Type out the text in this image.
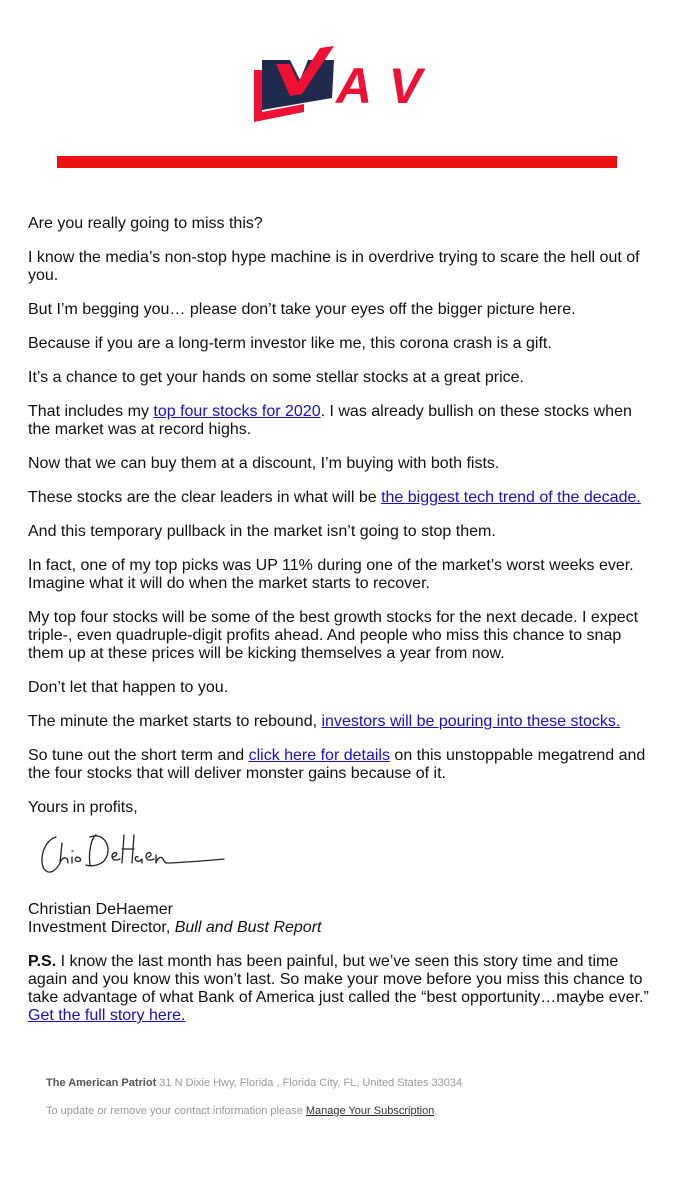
AV

Are you really going to miss this?

I know the media’s non-stop hype machine is in overdrive trying to scare the hell out of you.

But I’m begging you… please don’t take your eyes off the bigger picture here.

Because if you are a long-term investor like me, this corona crash is a gift.

It’s a chance to get your hands on some stellar stocks at a great price.

That includes my top four stocks for 2020. I was already bullish on these stocks when the market was at record highs.

Now that we can buy them at a discount, I’m buying with both fists.

These stocks are the clear leaders in what will be the biggest tech trend of the decade.

And this temporary pullback in the market isn’t going to stop them.

In fact, one of my top picks was UP 11% during one of the market’s worst weeks ever. Imagine what it will do when the market starts to recover.

My top four stocks will be some of the best growth stocks for the next decade. I expect triple-, even quadruple-digit profits ahead. And people who miss this chance to snap them up at these prices will be kicking themselves a year from now.

Don’t let that happen to you.

The minute the market starts to rebound, investors will be pouring into these stocks.

So tune out the short term and click here for details on this unstoppable megatrend and the four stocks that will deliver monster gains because of it.

Yours in profits,

Christian DeHaemer
Investment Director, Bull and Bust Report

P.S. I know the last month has been painful, but we’ve seen this story time and time again and you know this won’t last. So make your move before you miss this chance to take advantage of what Bank of America just called the “best opportunity…maybe ever.”  Get the full story here.

The American Patriot 31 N Dixie Hwy, Florida , Florida City, FL, United States 33034
To update or remove your contact information please Manage Your Subscription.
